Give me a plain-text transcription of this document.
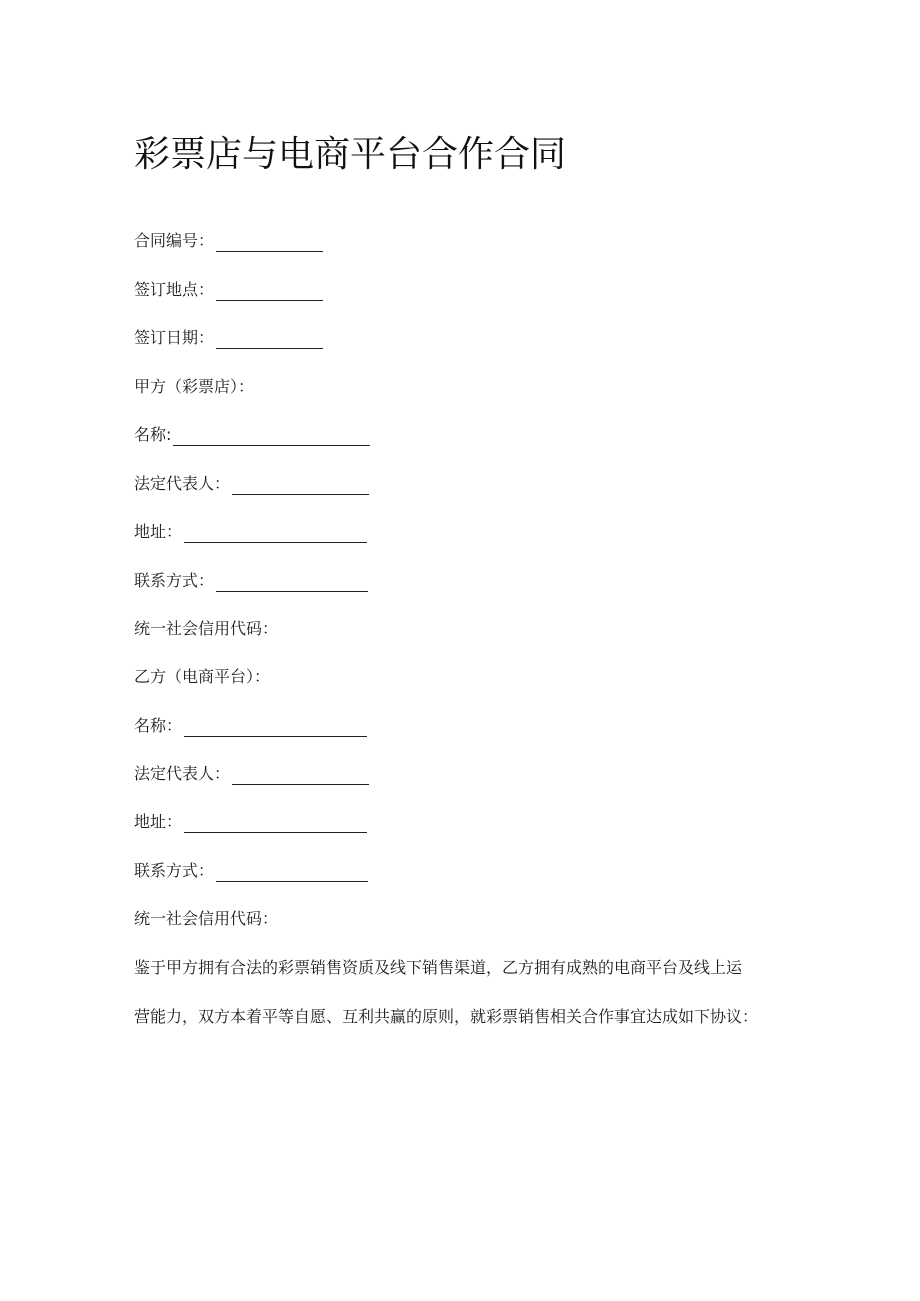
彩票店与电商平台合作合同
合同编号：
签订地点：
签订日期：
甲方（彩票店）：
名称:
法定代表人：
地址：
联系方式：
统一社会信用代码：
乙方（电商平台）：
名称：
法定代表人：
地址：
联系方式：
统一社会信用代码：
鉴于甲方拥有合法的彩票销售资质及线下销售渠道，乙方拥有成熟的电商平台及线上运
营能力，双方本着平等自愿、互利共赢的原则，就彩票销售相关合作事宜达成如下协议：
